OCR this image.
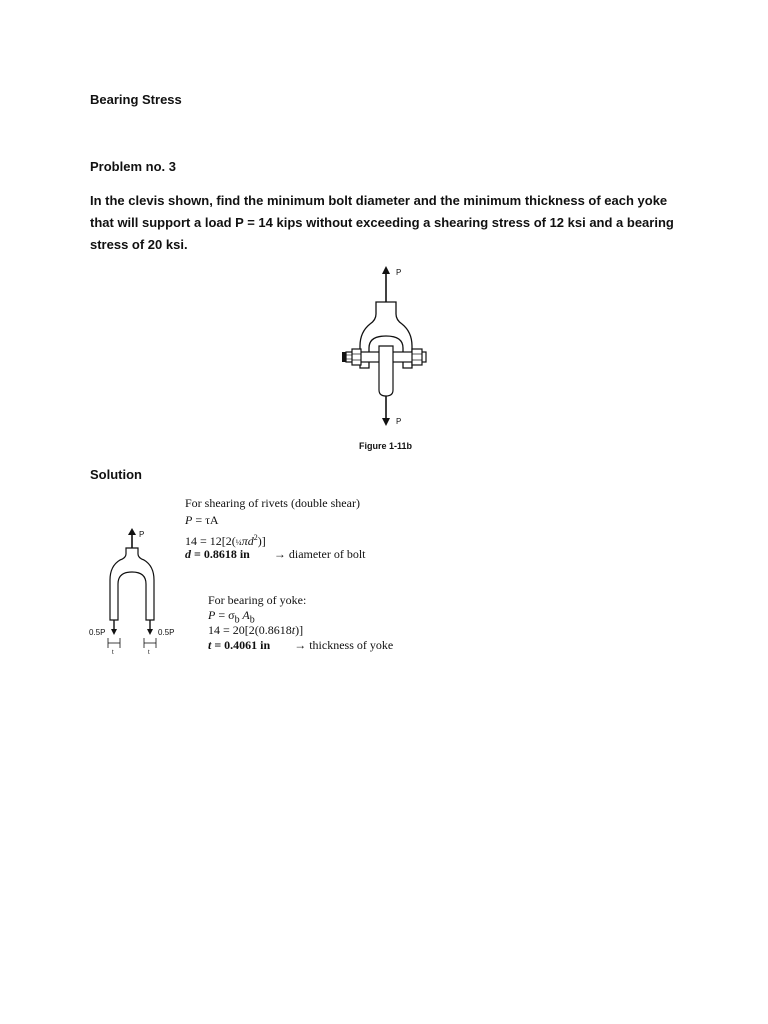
Bearing Stress
Problem no. 3
In the clevis shown, find the minimum bolt diameter and the minimum thickness of each yoke that will support a load P = 14 kips without exceeding a shearing stress of 12 ksi and a bearing stress of 20 ksi.
P
P
Figure 1-11b
Solution
P
0.5P	0.5P
t	t
For shearing of rivets (double shear)
P = τA
$14 = 12[2(\frac{1}{4}\pi d^2)]$
d = 0.8618 in → diameter of bolt
For bearing of yoke:
$P = \sigma_b$ $A_b$
14 = 20[2(0.8618t)]
t = 0.4061 in → thickness of yoke
